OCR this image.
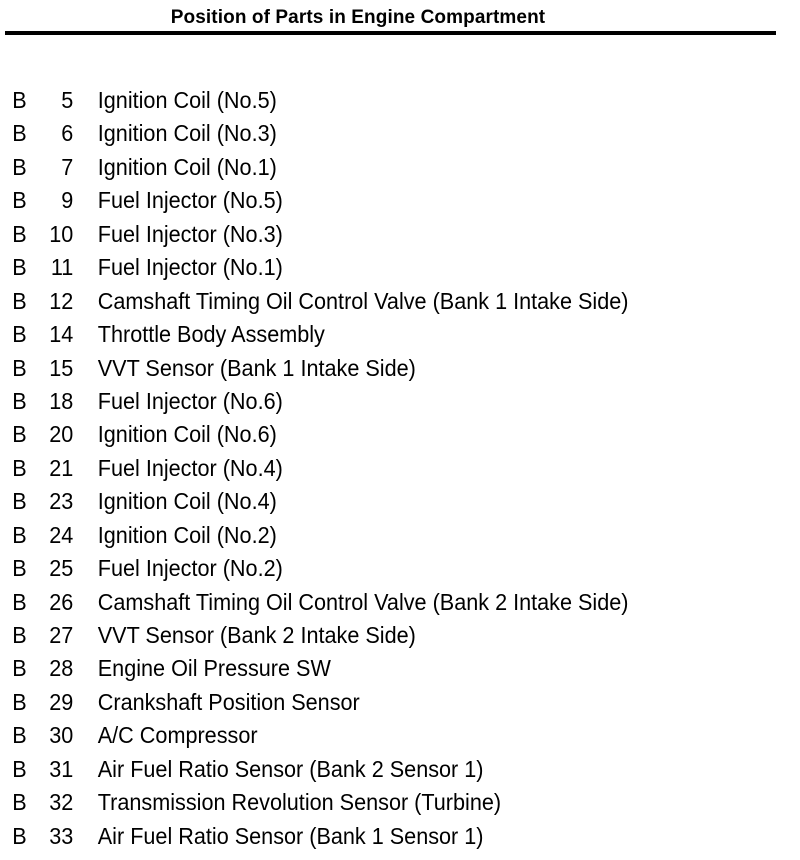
Position of Parts in Engine Compartment
B	5 Ignition Coil (No.5)
B	6 Ignition Coil (No.3)
B	7 Ignition Coil (No.1)
B	9 Fuel Injector (No.5)
B 10 Fuel Injector (No.3)
B	11 Fuel Injector (No.1)
B 12 Camshaft Timing Oil Control Valve (Bank 1 Intake Side)
B 14 Throttle Body Assembly
B 15 VVT Sensor (Bank 1 Intake Side)
B 18 Fuel Injector (No.6)
B 20 Ignition Coil (No.6)
B 21 Fuel Injector (No.4)
B 23 Ignition Coil (No.4)
B 24 Ignition Coil (No.2)
B 25 Fuel Injector (No.2)
B 26 Camshaft Timing Oil Control Valve (Bank 2 Intake Side)
B 27 VVT Sensor (Bank 2 Intake Side)
B 28 Engine Oil Pressure SW
B 29 Crankshaft Position Sensor
B 30 A/C Compressor
B 31 Air Fuel Ratio Sensor (Bank 2 Sensor 1)
B 32 Transmission Revolution Sensor (Turbine)
B 33 Air Fuel Ratio Sensor (Bank 1 Sensor 1)
